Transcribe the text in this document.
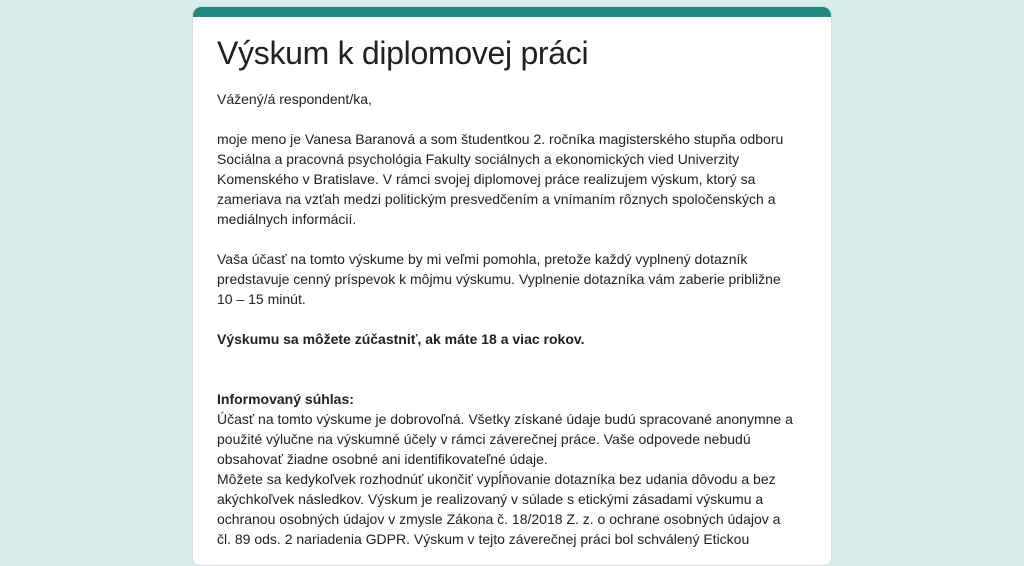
Výskum k diplomovej práci

Vážený/á respondent/ka,

moje meno je Vanesa Baranová a som študentkou 2. ročníka magisterského stupňa odboru
Sociálna a pracovná psychológia Fakulty sociálnych a ekonomických vied Univerzity
Komenského v Bratislave. V rámci svojej diplomovej práce realizujem výskum, ktorý sa
zameriava na vzťah medzi politickým presvedčením a vnímaním rôznych spoločenských a
mediálnych informácií.

Vaša účasť na tomto výskume by mi veľmi pomohla, pretože každý vyplnený dotazník
predstavuje cenný príspevok k môjmu výskumu. Vyplnenie dotazníka vám zaberie približne
10 – 15 minút.

Výskumu sa môžete zúčastniť, ak máte 18 a viac rokov.

Informovaný súhlas:

Účasť na tomto výskume je dobrovoľná. Všetky získané údaje budú spracované anonymne a
použité výlučne na výskumné účely v rámci záverečnej práce. Vaše odpovede nebudú
obsahovať žiadne osobné ani identifikovateľné údaje.
Môžete sa kedykoľvek rozhodnúť ukončiť vypĺňovanie dotazníka bez udania dôvodu a bez
akýchkoľvek následkov. Výskum je realizovaný v súlade s etickými zásadami výskumu a
ochranou osobných údajov v zmysle Zákona č. 18/2018 Z. z. o ochrane osobných údajov a
čl. 89 ods. 2 nariadenia GDPR. Výskum v tejto záverečnej práci bol schválený Etickou
